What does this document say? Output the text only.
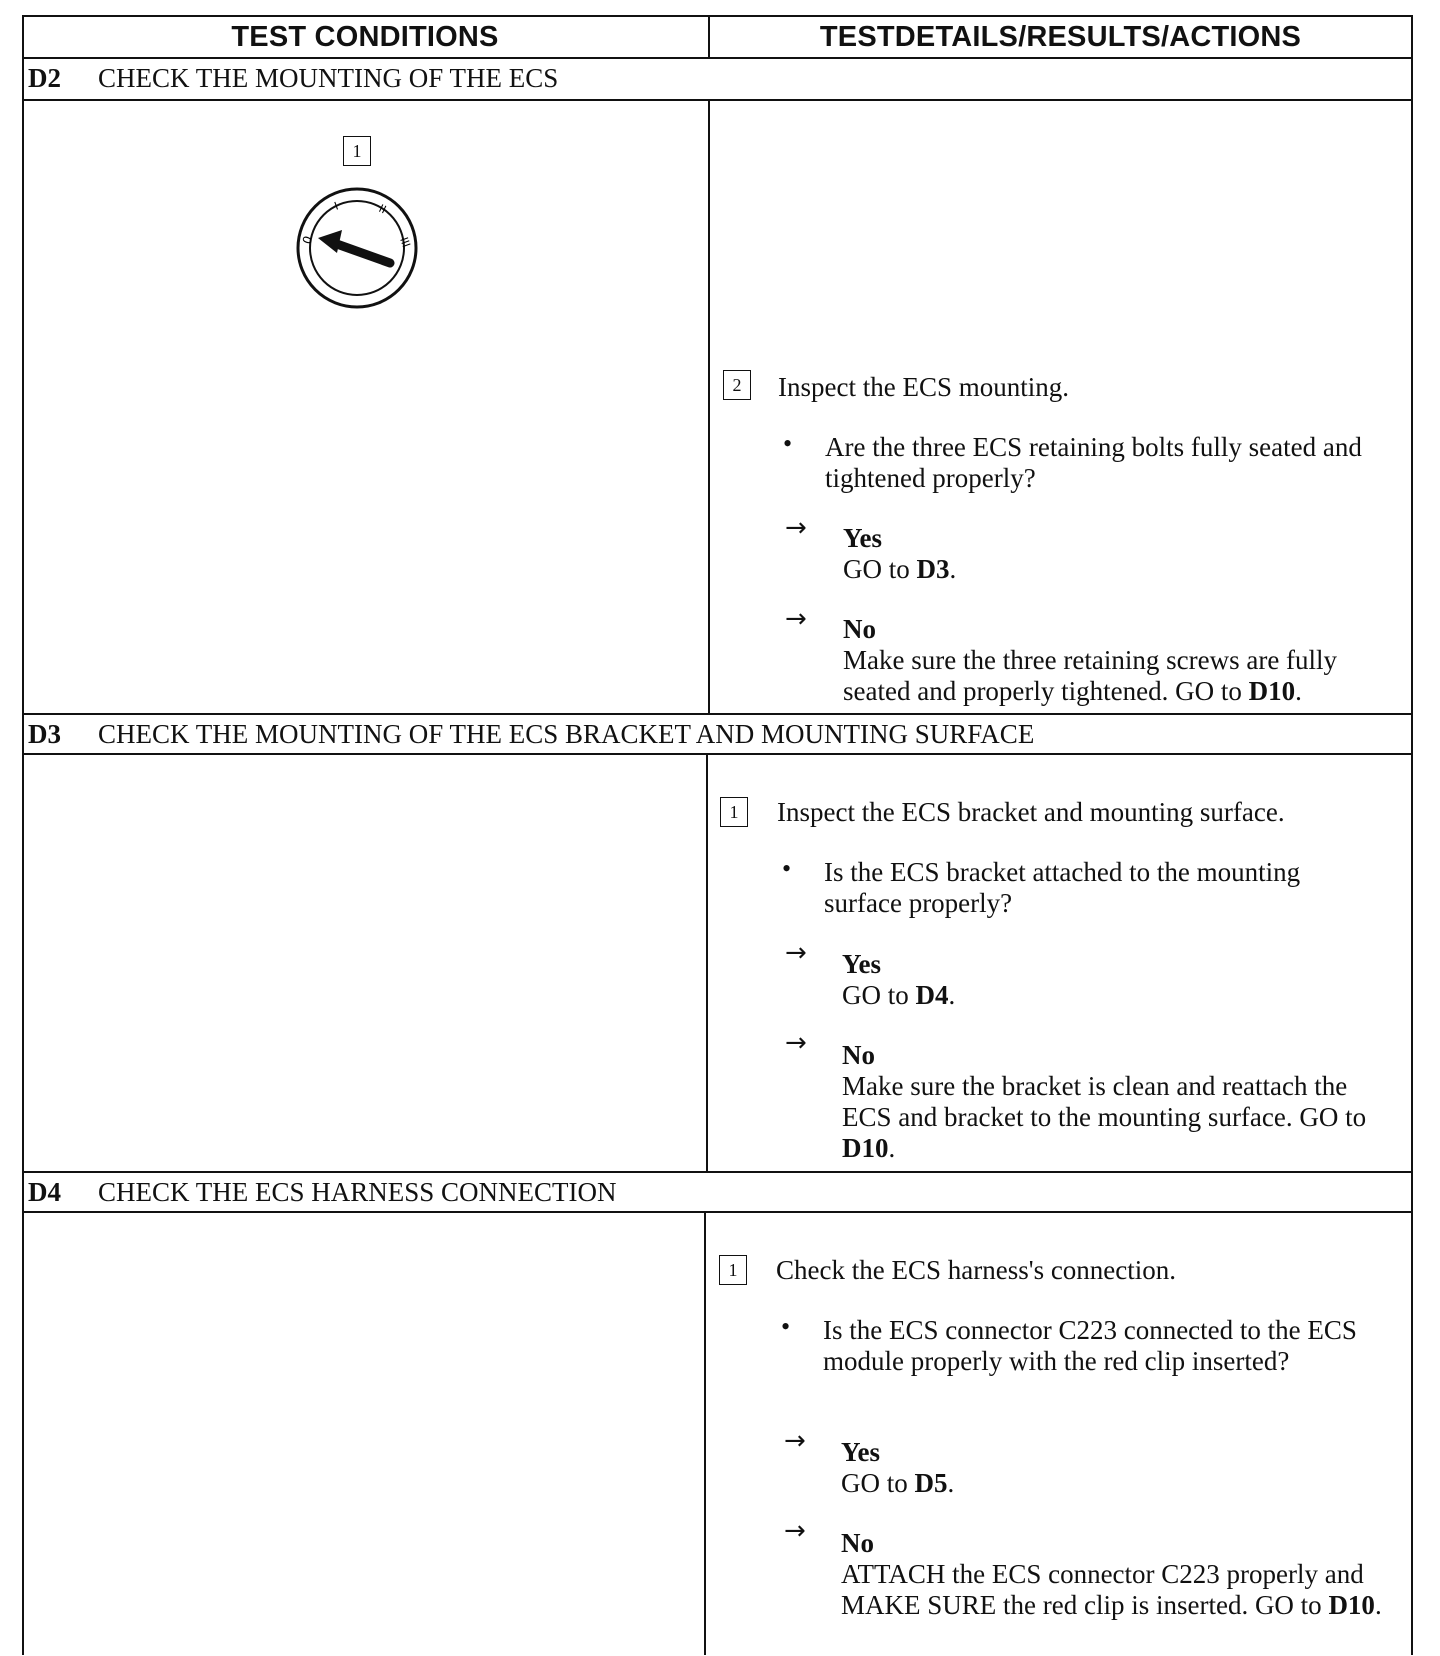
TEST CONDITIONS	TESTDETAILS/RESULTS/ACTIONS
D2	CHECK THE MOUNTING OF THE ECS
1
0
I	II
III
2	Inspect the ECS mounting.
• Are the three ECS retaining bolts fully seated and tightened properly?
→ Yes
GO to D3.
→ No
Make sure the three retaining screws are fully seated and properly tightened. GO to D10.
D3	CHECK THE MOUNTING OF THE ECS BRACKET AND MOUNTING SURFACE
1	Inspect the ECS bracket and mounting surface.
• Is the ECS bracket attached to the mounting surface properly?
→ Yes
GO to D4.
→ No
Make sure the bracket is clean and reattach the ECS and bracket to the mounting surface. GO to D10.
D4	CHECK THE ECS HARNESS CONNECTION
1	Check the ECS harness's connection.
• Is the ECS connector C223 connected to the ECS module properly with the red clip inserted?
→ Yes
GO to D5.
→ No
ATTACH the ECS connector C223 properly and MAKE SURE the red clip is inserted. GO to D10.
